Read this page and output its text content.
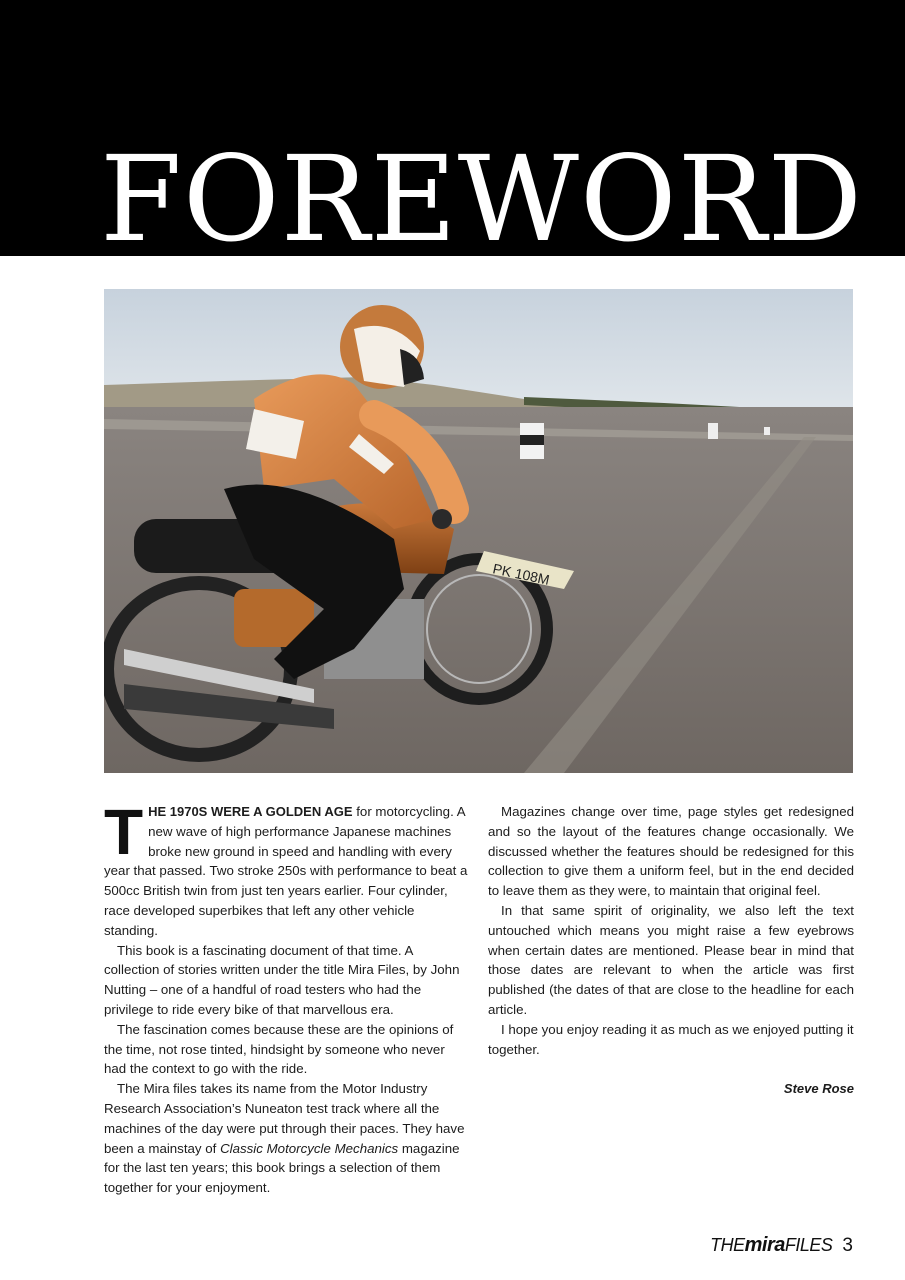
FOREWORD
PK 108M

T HE 1970S WERE A GOLDEN AGE for motorcycling. A new wave of high performance Japanese machines broke new ground in speed and handling with every year that passed. Two stroke 250s with performance to beat a 500cc British twin from just ten years earlier. Four cylinder, race developed superbikes that left any other vehicle standing.

This book is a fascinating document of that time. A collection of stories written under the title Mira Files, by John Nutting – one of a handful of road testers who had the privilege to ride every bike of that marvellous era.

The fascination comes because these are the opinions of the time, not rose tinted, hindsight by someone who never had the context to go with the ride.

The Mira files takes its name from the Motor Industry Research Association’s Nuneaton test track where all the machines of the day were put through their paces. They have been a mainstay of Classic Motorcycle Mechanics magazine for the last ten years; this book brings a selection of them together for your enjoyment.

Magazines change over time, page styles get redesigned and so the layout of the features change occasionally. We discussed whether the features should be redesigned for this collection to give them a uniform feel, but in the end decided to leave them as they were, to maintain that original feel.

In that same spirit of originality, we also left the text untouched which means you might raise a few eyebrows when certain dates are mentioned. Please bear in mind that those dates are relevant to when the article was first published (the dates of that are close to the headline for each article.

I hope you enjoy reading it as much as we enjoyed putting it together.

Steve Rose
THEmiraFILES 3
